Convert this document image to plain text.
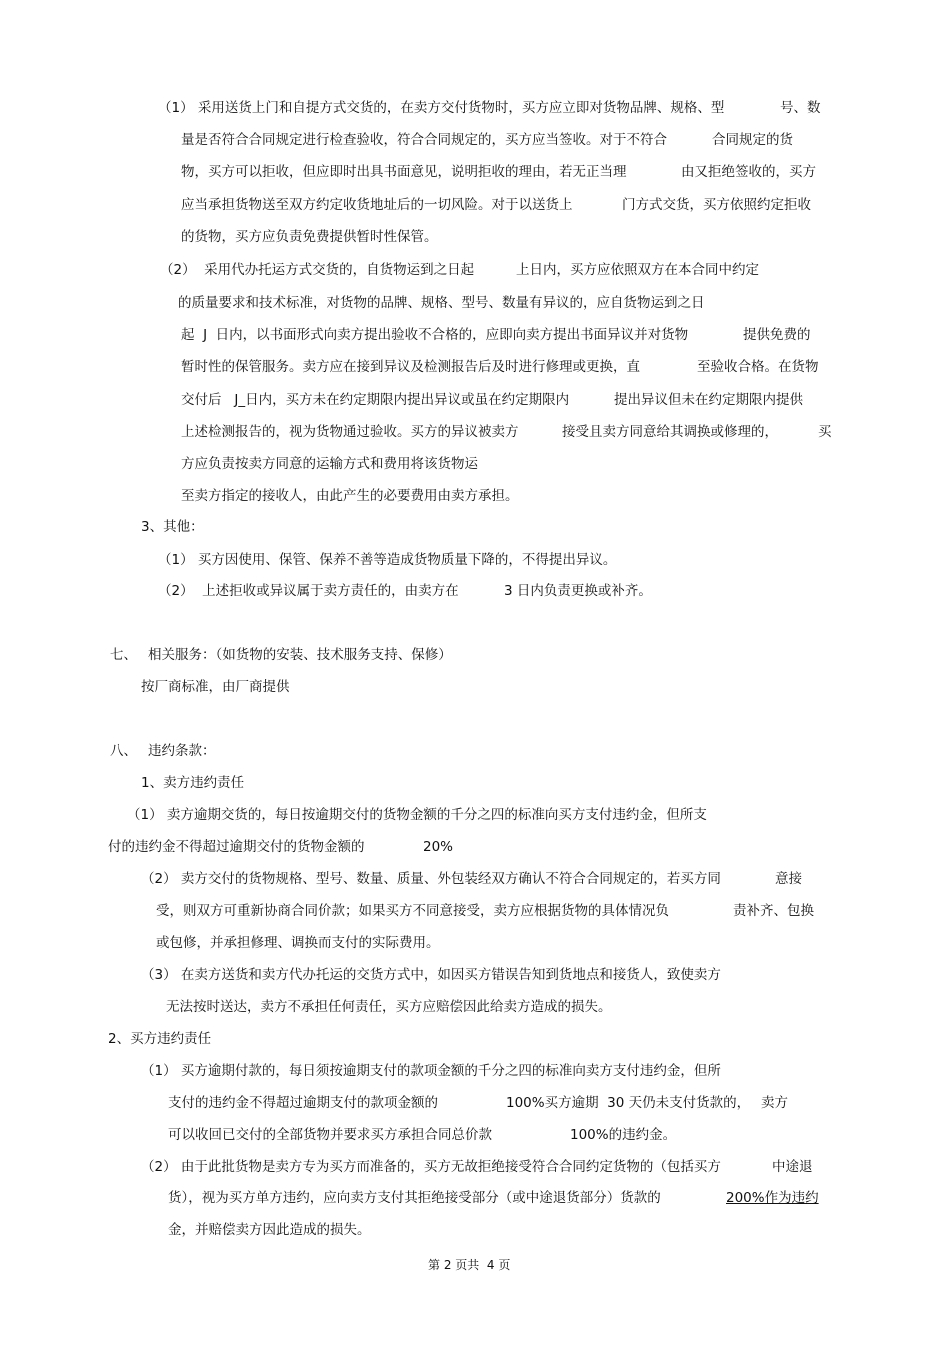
（1） 采用送货上门和自提方式交货的，在卖方交付货物时，买方应立即对货物品牌、规格、型	号、数
量是否符合合同规定进行检查验收，符合合同规定的，买方应当签收。对于不符合	合同规定的货
物，买方可以拒收，但应即时出具书面意见，说明拒收的理由，若无正当理	由又拒绝签收的，买方
应当承担货物送至双方约定收货地址后的一切风险。对于以送货上	门方式交货，买方依照约定拒收
的货物，买方应负责免费提供暂时性保管。
（2）  采用代办托运方式交货的，自货物运到之日起	上日内，买方应依照双方在本合同中约定
的质量要求和技术标准，对货物的品牌、规格、型号、数量有异议的，应自货物运到之日
起  J  日内，以书面形式向卖方提出验收不合格的，应即向卖方提出书面异议并对货物	提供免费的
暂时性的保管服务。卖方应在接到异议及检测报告后及时进行修理或更换，直	至验收合格。在货物
交付后   J_日内，买方未在约定期限内提出异议或虽在约定期限内	提出异议但未在约定期限内提供
上述检测报告的，视为货物通过验收。买方的异议被卖方	接受且卖方同意给其调换或修理的，	买
方应负责按卖方同意的运输方式和费用将该货物运
至卖方指定的接收人，由此产生的必要费用由卖方承担。
3、其他：
（1） 买方因使用、保管、保养不善等造成货物质量下降的，不得提出异议。
（2）  上述拒收或异议属于卖方责任的，由卖方在	3 日内负责更换或补齐。
七、 相关服务：（如货物的安装、技术服务支持、保修）
按厂商标准，由厂商提供
八、 违约条款：
1、卖方违约责任
（1） 卖方逾期交货的，每日按逾期交付的货物金额的千分之四的标准向买方支付违约金，但所支
付的违约金不得超过逾期交付的货物金额的	20%
（2） 卖方交付的货物规格、型号、数量、质量、外包装经双方确认不符合合同规定的，若买方同	意接
受，则双方可重新协商合同价款；如果买方不同意接受，卖方应根据货物的具体情况负	责补齐、包换
或包修，并承担修理、调换而支付的实际费用。
（3） 在卖方送货和卖方代办托运的交货方式中，如因买方错误告知到货地点和接货人，致使卖方
无法按时送达，卖方不承担任何责任，买方应赔偿因此给卖方造成的损失。
2、买方违约责任
（1） 买方逾期付款的，每日须按逾期支付的款项金额的千分之四的标准向卖方支付违约金，但所
支付的违约金不得超过逾期支付的款项金额的	100%买方逾期  30 天仍未支付货款的， 卖方
可以收回已交付的全部货物并要求买方承担合同总价款	100%的违约金。
（2） 由于此批货物是卖方专为买方而准备的，买方无故拒绝接受符合合同约定货物的（包括买方	中途退
货），视为买方单方违约，应向卖方支付其拒绝接受部分（或中途退货部分）货款的	200%作为违约
金，并赔偿卖方因此造成的损失。
第 2 页共  4 页
